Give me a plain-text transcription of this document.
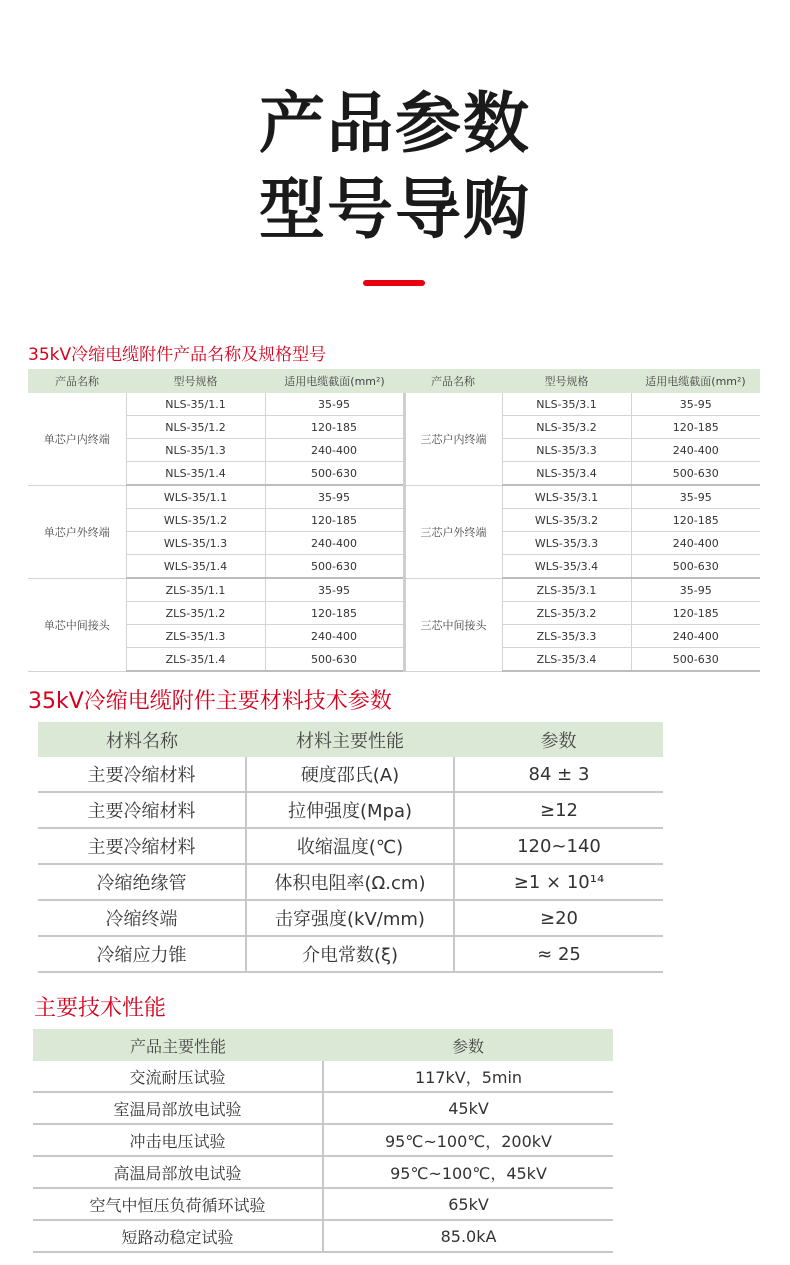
产品参数
型号导购
35kV冷缩电缆附件产品名称及规格型号
产品名称	型号规格	适用电缆截面(mm²)	产品名称	型号规格	适用电缆截面(mm²)
单芯户内终端	NLS-35/1.1	35-95	三芯户内终端	NLS-35/3.1	35-95
	NLS-35/1.2	120-185		NLS-35/3.2	120-185
	NLS-35/1.3	240-400		NLS-35/3.3	240-400
	NLS-35/1.4	500-630		NLS-35/3.4	500-630
单芯户外终端	WLS-35/1.1	35-95	三芯户外终端	WLS-35/3.1	35-95
	WLS-35/1.2	120-185		WLS-35/3.2	120-185
	WLS-35/1.3	240-400		WLS-35/3.3	240-400
	WLS-35/1.4	500-630		WLS-35/3.4	500-630
单芯中间接头	ZLS-35/1.1	35-95	三芯中间接头	ZLS-35/3.1	35-95
	ZLS-35/1.2	120-185		ZLS-35/3.2	120-185
	ZLS-35/1.3	240-400		ZLS-35/3.3	240-400
	ZLS-35/1.4	500-630		ZLS-35/3.4	500-630
35kV冷缩电缆附件主要材料技术参数
材料名称	材料主要性能	参数
主要冷缩材料	硬度邵氏(A)	84 ± 3
主要冷缩材料	拉伸强度(Mpa)	≥12
主要冷缩材料	收缩温度(℃)	120~140
冷缩绝缘管	体积电阻率(Ω.cm)	≥1 × 10¹⁴
冷缩终端	击穿强度(kV/mm)	≥20
冷缩应力锥	介电常数(ξ)	≈ 25
主要技术性能
产品主要性能	参数
交流耐压试验	117kV，5min
室温局部放电试验	45kV
冲击电压试验	95℃~100℃，200kV
高温局部放电试验	95℃~100℃，45kV
空气中恒压负荷循环试验	65kV
短路动稳定试验	85.0kA
